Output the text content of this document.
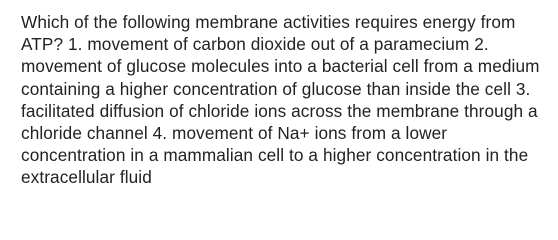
Which of the following membrane activities requires energy from ATP? 1. movement of carbon dioxide out of a paramecium 2. movement of glucose molecules into a bacterial cell from a medium containing a higher concentration of glucose than inside the cell 3. facilitated diffusion of chloride ions across the membrane through a chloride channel 4. movement of Na+ ions from a lower concentration in a mammalian cell to a higher concentration in the extracellular fluid
